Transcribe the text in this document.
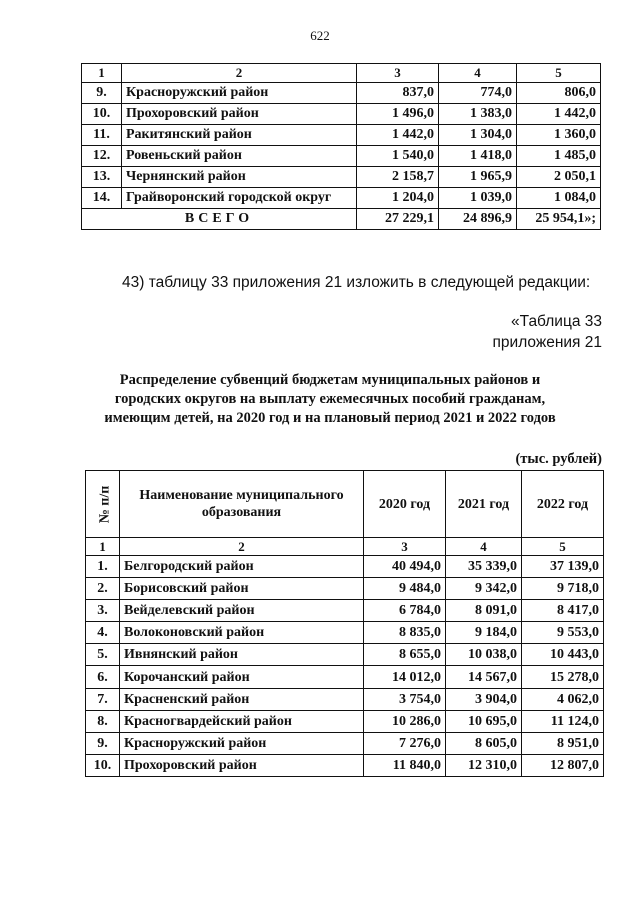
622
1	2	3	4	5
9.	Красноружский район	837,0	774,0	806,0
10.	Прохоровский район	1 496,0	1 383,0	1 442,0
11.	Ракитянский район	1 442,0	1 304,0	1 360,0
12.	Ровеньский район	1 540,0	1 418,0	1 485,0
13.	Чернянский район	2 158,7	1 965,9	2 050,1
14.	Грайворонский городской округ	1 204,0	1 039,0	1 084,0
ВСЕГО		27 229,1	24 896,9	25 954,1»;
43) таблицу 33 приложения 21 изложить в следующей редакции:
«Таблица 33
приложения 21
Распределение субвенций бюджетам муниципальных районов и
городских округов на выплату ежемесячных пособий гражданам,
имеющим детей, на 2020 год и на плановый период 2021 и 2022 годов
(тыс. рублей)
№ п/п	Наименование муниципального образования	2020 год	2021 год	2022 год
1	2	3	4	5
1.	Белгородский район	40 494,0	35 339,0	37 139,0
2.	Борисовский район	9 484,0	9 342,0	9 718,0
3.	Вейделевский район	6 784,0	8 091,0	8 417,0
4.	Волоконовский район	8 835,0	9 184,0	9 553,0
5.	Ивнянский район	8 655,0	10 038,0	10 443,0
6.	Корочанский район	14 012,0	14 567,0	15 278,0
7.	Красненский район	3 754,0	3 904,0	4 062,0
8.	Красногвардейский район	10 286,0	10 695,0	11 124,0
9.	Красноружский район	7 276,0	8 605,0	8 951,0
10.	Прохоровский район	11 840,0	12 310,0	12 807,0
